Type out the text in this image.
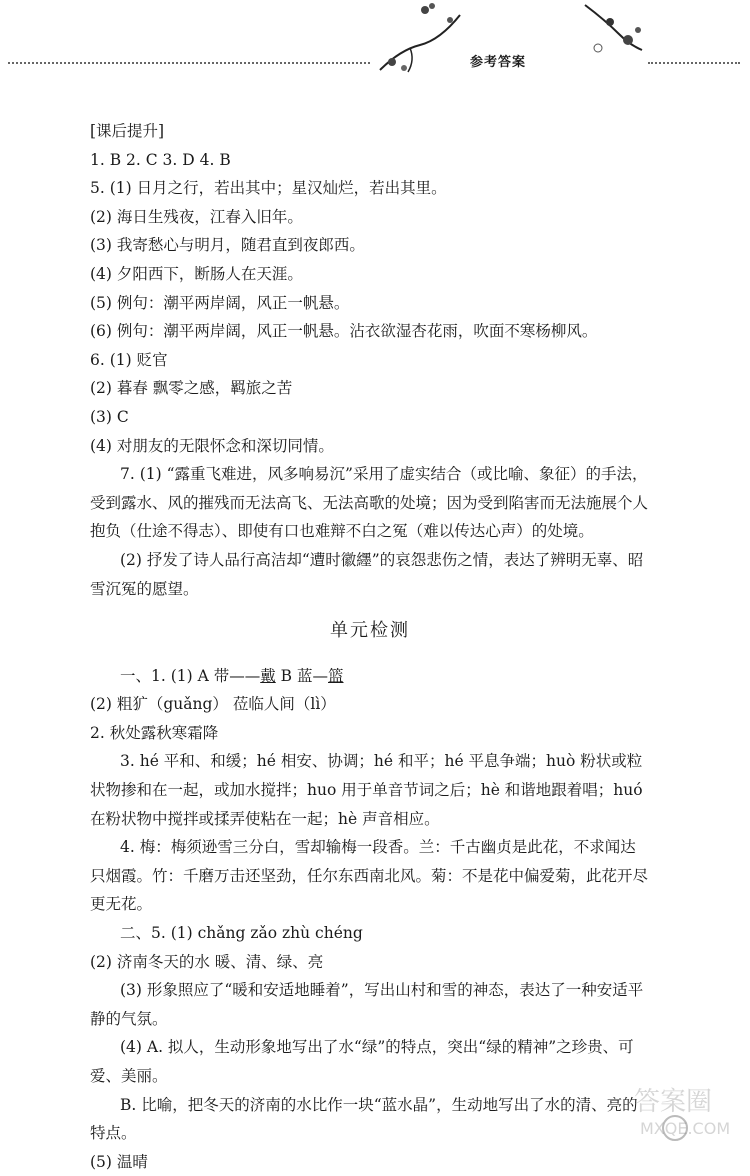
参考答案
[课后提升]
1. B 2. C 3. D 4. B
5. (1) 日月之行，若出其中；星汉灿烂，若出其里。
(2) 海日生残夜，江春入旧年。
(3) 我寄愁心与明月，随君直到夜郎西。
(4) 夕阳西下，断肠人在天涯。
(5) 例句：潮平两岸阔，风正一帆悬。
(6) 例句：潮平两岸阔，风正一帆悬。沾衣欲湿杏花雨，吹面不寒杨柳风。
6. (1) 贬官
(2) 暮春 飘零之感，羁旅之苦
(3) C
(4) 对朋友的无限怀念和深切同情。
7. (1) “露重飞难进，风多响易沉”采用了虚实结合（或比喻、象征）的手法，受到露水、风的摧残而无法高飞、无法高歌的处境；因为受到陷害而无法施展个人抱负（仕途不得志）、即使有口也难辩不白之冤（难以传达心声）的处境。
(2) 抒发了诗人品行高洁却“遭时徽纆”的哀怨悲伤之情，表达了辨明无辜、昭雪沉冤的愿望。
单元检测
一、1. (1) A 带——戴 B 蓝—篮
(2) 粗犷（guǎng） 莅临人间（lì）
2. 秋处露秋寒霜降
3. hé 平和、和缓；hé 相安、协调；hé 和平；hé 平息争端；huò 粉状或粒状物掺和在一起，或加水搅拌；huo 用于单音节词之后；hè 和谐地跟着唱；huó 在粉状物中搅拌或揉弄使粘在一起；hè 声音相应。
4. 梅：梅须逊雪三分白，雪却输梅一段香。兰：千古幽贞是此花，不求闻达只烟霞。竹：千磨万击还坚劲，任尔东西南北风。菊：不是花中偏爱菊，此花开尽更无花。
二、5. (1) chǎng zǎo zhù chéng
(2) 济南冬天的水 暖、清、绿、亮
(3) 形象照应了“暖和安适地睡着”，写出山村和雪的神态，表达了一种安适平静的气氛。
(4) A. 拟人，生动形象地写出了水“绿”的特点，突出“绿的精神”之珍贵、可爱、美丽。
B. 比喻，把冬天的济南的水比作一块“蓝水晶”，生动地写出了水的清、亮的特点。
(5) 温晴
答案圈
MXQE.COM
